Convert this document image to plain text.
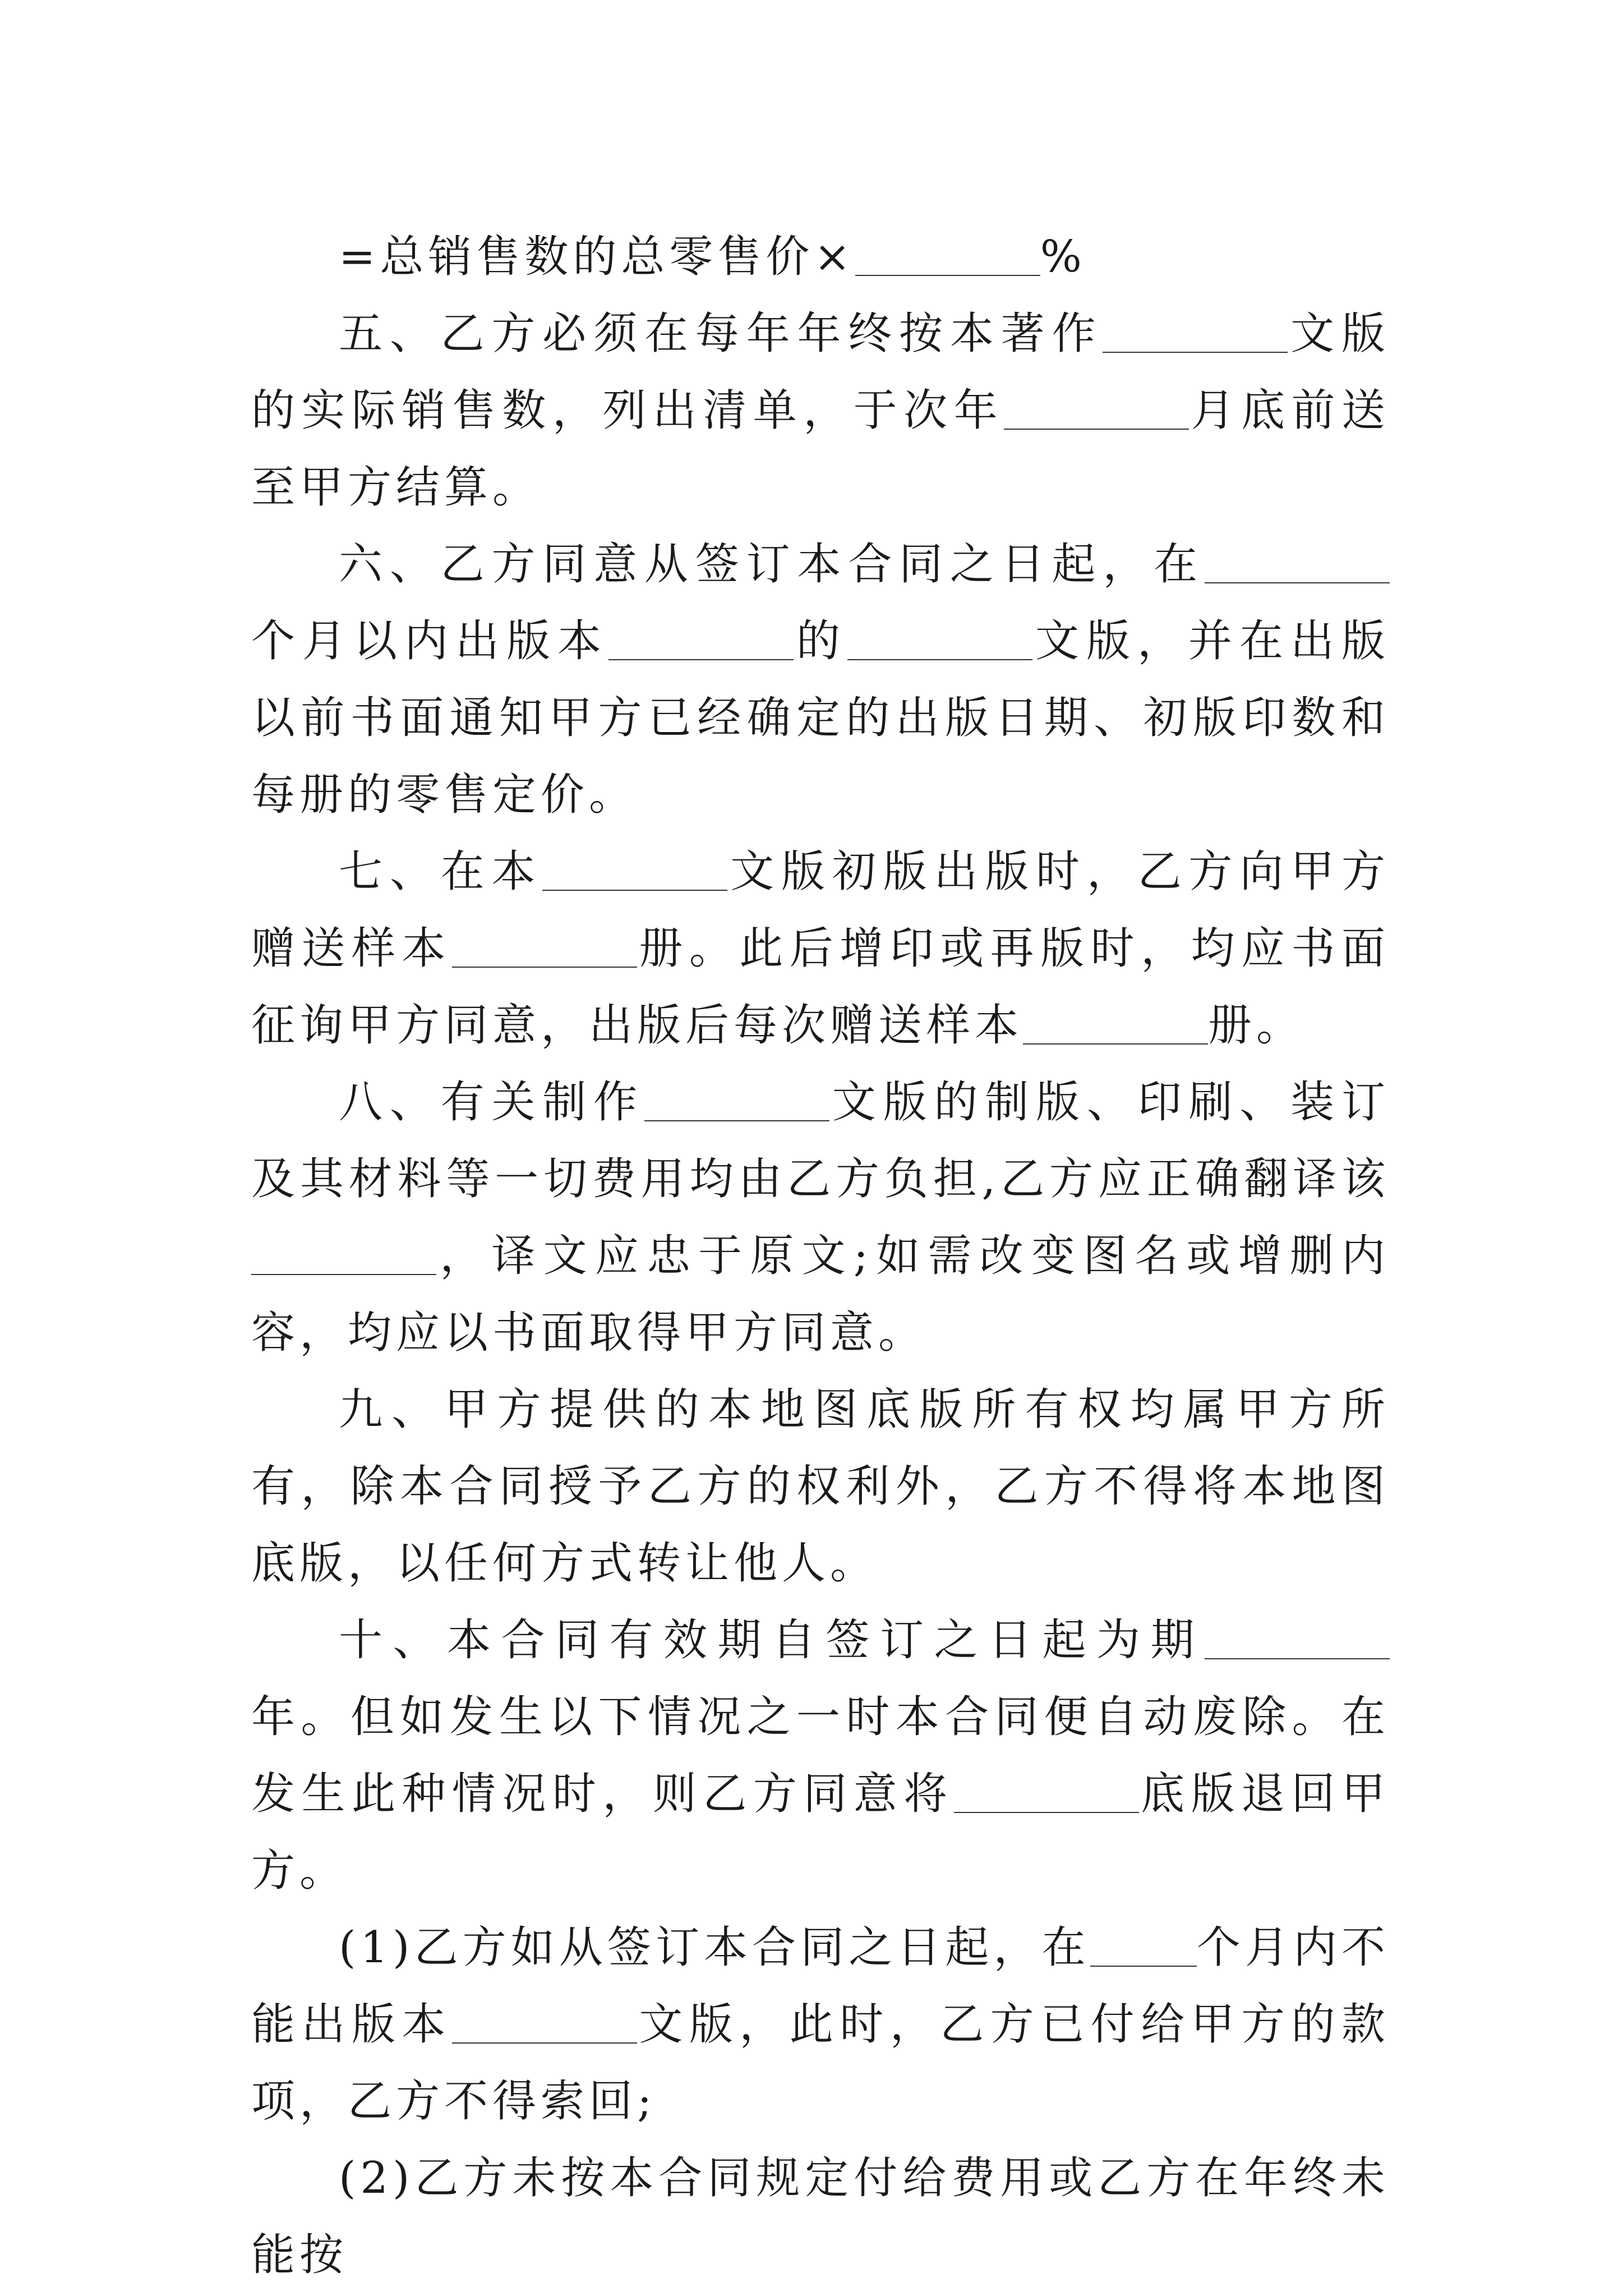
=总销售数的总零售价×	%

五、乙方必须在每年年终按本著作	文版的实际销售数，列出清单，于次年	月底前送至甲方结算。

六、乙方同意从签订本合同之日起，在个月以内出版本	的	文版，并在出版以前书面通知甲方已经确定的出版日期、初版印数和每册的零售定价。

七、在本	文版初版出版时，乙方向甲方赠送样本	册。此后增印或再版时，均应书面征询甲方同意，出版后每次赠送样本	册。

八、有关制作	文版的制版、印刷、装订及其材料等一切费用均由乙方负担,乙方应正确翻译该，译文应忠于原文;如需改变图名或增删内容，均应以书面取得甲方同意。

九、甲方提供的本地图底版所有权均属甲方所有，除本合同授予乙方的权利外，乙方不得将本地图底版，以任何方式转让他人。

十、本合同有效期自签订之日起为期年。但如发生以下情况之一时本合同便自动废除。在发生此种情况时，则乙方同意将	底版退回甲方。

(1)乙方如从签订本合同之日起，在 个月内不能出版本	文版，此时，乙方已付给甲方的款项，乙方不得索回;

(2)乙方未按本合同规定付给费用或乙方在年终未能按
